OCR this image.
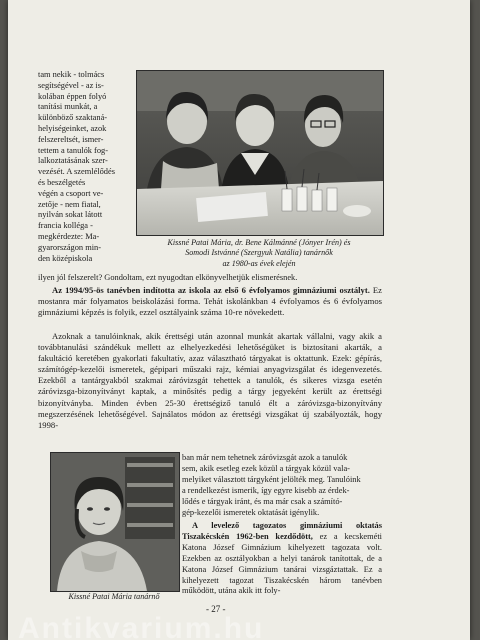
tam nekik - tolmács
segítségével - az is-
kolában éppen folyó
tanítási munkát, a
különböző szaktaná-
helyiségeinket, azok
felszereltsét, ismer-
tettem a tanulók fog-
lalkoztatásának szer-
vezését. A szemlélődés
és beszélgetés
végén a csoport ve-
zetője - nem fiatal,
nyilván sokat látott
francia kolléga -
megkérdezte: Ma-
gyarországon min-
den középiskola
Kissné Patai Mária, dr. Bene Kálmánné (Jónyer Irén) és
Somodi Istvánné (Szergyuk Natália) tanárnők
az 1980-as évek elején

ilyen jól felszerelt? Gondoltam, ezt nyugodtan elkönyvelhetjük elismerésnek.

Az 1994/95-ös tanévben indította az iskola az első 6 évfolyamos gimnáziumi osztályt. Ez mostanra már folyamatos beiskolázási forma. Tehát iskolánkban 4 évfolyamos és 6 évfolyamos gimnáziumi képzés is folyik, ezzel osztályaink száma 10-re növekedett.

Azoknak a tanulóinknak, akik érettségi után azonnal munkát akartak vállalni, vagy akik a továbbtanulási szándékuk mellett az elhelyezkedési lehetőségüket is biztosítani akarták, a fakultáció keretében gyakorlati fakultatív, azaz választható tárgyakat is oktattunk. Ezek: gépírás, számítógép-kezelői ismeretek, gépipari műszaki rajz, kémiai anyagvizsgálat és idegenvezetés. Ezekből a tantárgyakból szakmai záróvizsgát tehettek a tanulók, és sikeres vizsga esetén záróvizsga-bizonyítványt kaptak, a minősítés pedig a tárgy jegyeként került az érettségi bizonyítványba. Minden évben 25-30 érettségiző tanuló élt a záróvizsga-bizonyítvány megszerzésének lehetőségével. Sajnálatos módon az érettségi vizsgákat új szabályozták, hogy 1998-

Kissné Patai Mária tanárnő

ban már nem tehetnek záróvizsgát azok a tanulók
sem, akik esetleg ezek közül a tárgyak közül vala-
melyiket választott tárgyként jelölték meg. Tanulóink
a rendelkezést ismerik, így egyre kisebb az érdek-
lődés e tárgyak iránt, és ma már csak a számító-
gép-kezelői ismeretek oktatását igénylik.

A levelező tagozatos gimnáziumi oktatás Tiszakécskén 1962-ben kezdődött, ez a kecskeméti Katona József Gimnázium kihelyezett tagozata volt. Ezekben az osztályokban a helyi tanárok tanítottak, de a Katona József Gimnázium tanárai vizsgáztattak. Ez a kihelyezett tagozat Tiszakécskén három tanévben működött, utána akik itt foly-

- 27 -

Antikvarium.hu
